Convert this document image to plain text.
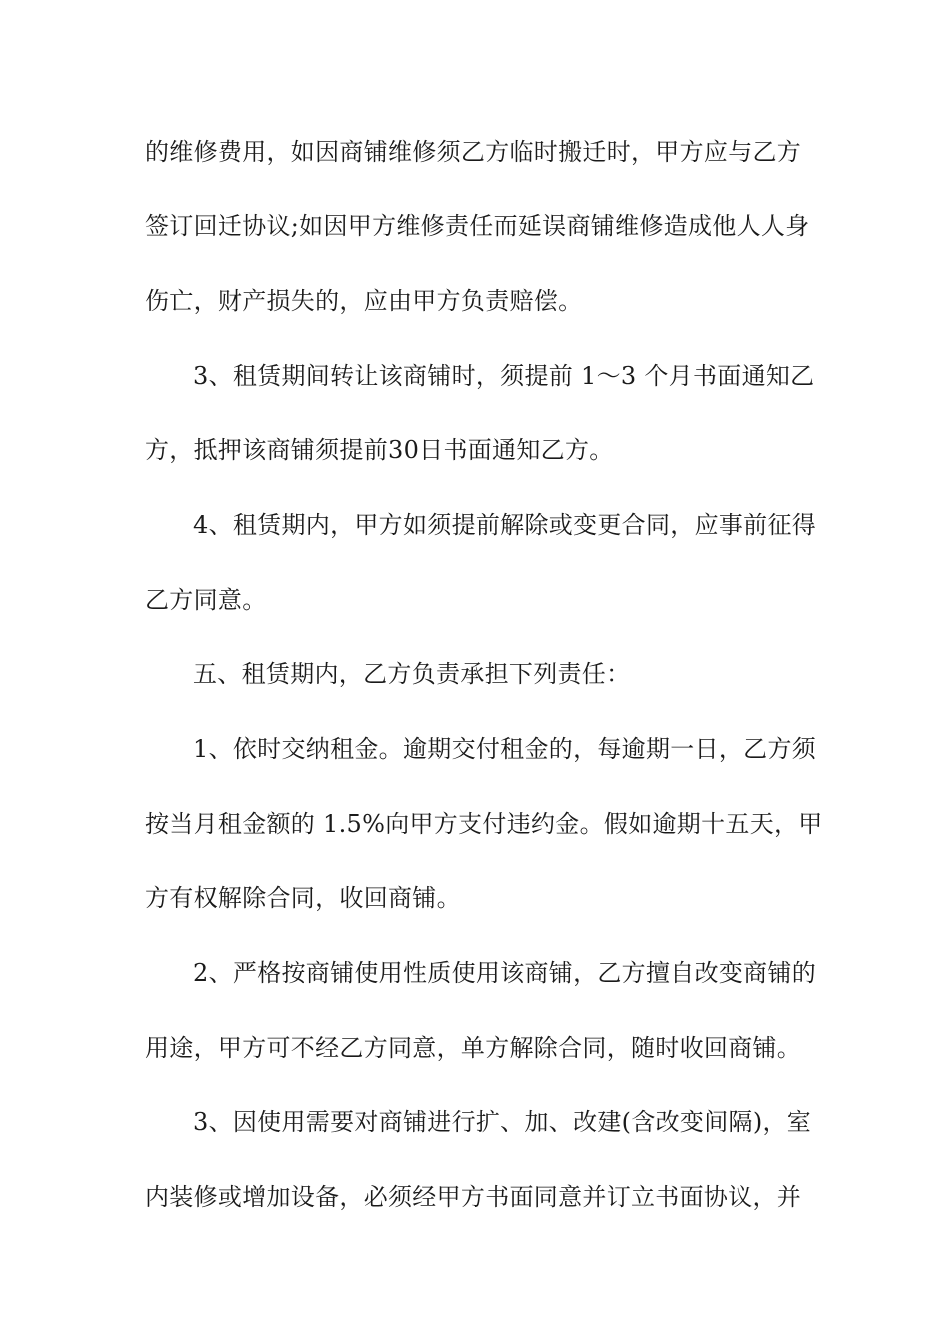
的维修费用，如因商铺维修须乙方临时搬迁时，甲方应与乙方
签订回迁协议;如因甲方维修责任而延误商铺维修造成他人人身
伤亡，财产损失的，应由甲方负责赔偿。
3、租赁期间转让该商铺时，须提前 1～3 个月书面通知乙
方，抵押该商铺须提前30日书面通知乙方。
4、租赁期内，甲方如须提前解除或变更合同，应事前征得
乙方同意。
五、租赁期内，乙方负责承担下列责任：
1、依时交纳租金。逾期交付租金的，每逾期一日，乙方须
按当月租金额的 1.5%向甲方支付违约金。假如逾期十五天，甲
方有权解除合同，收回商铺。
2、严格按商铺使用性质使用该商铺，乙方擅自改变商铺的
用途，甲方可不经乙方同意，单方解除合同，随时收回商铺。
3、因使用需要对商铺进行扩、加、改建(含改变间隔)，室
内装修或增加设备，必须经甲方书面同意并订立书面协议，并
